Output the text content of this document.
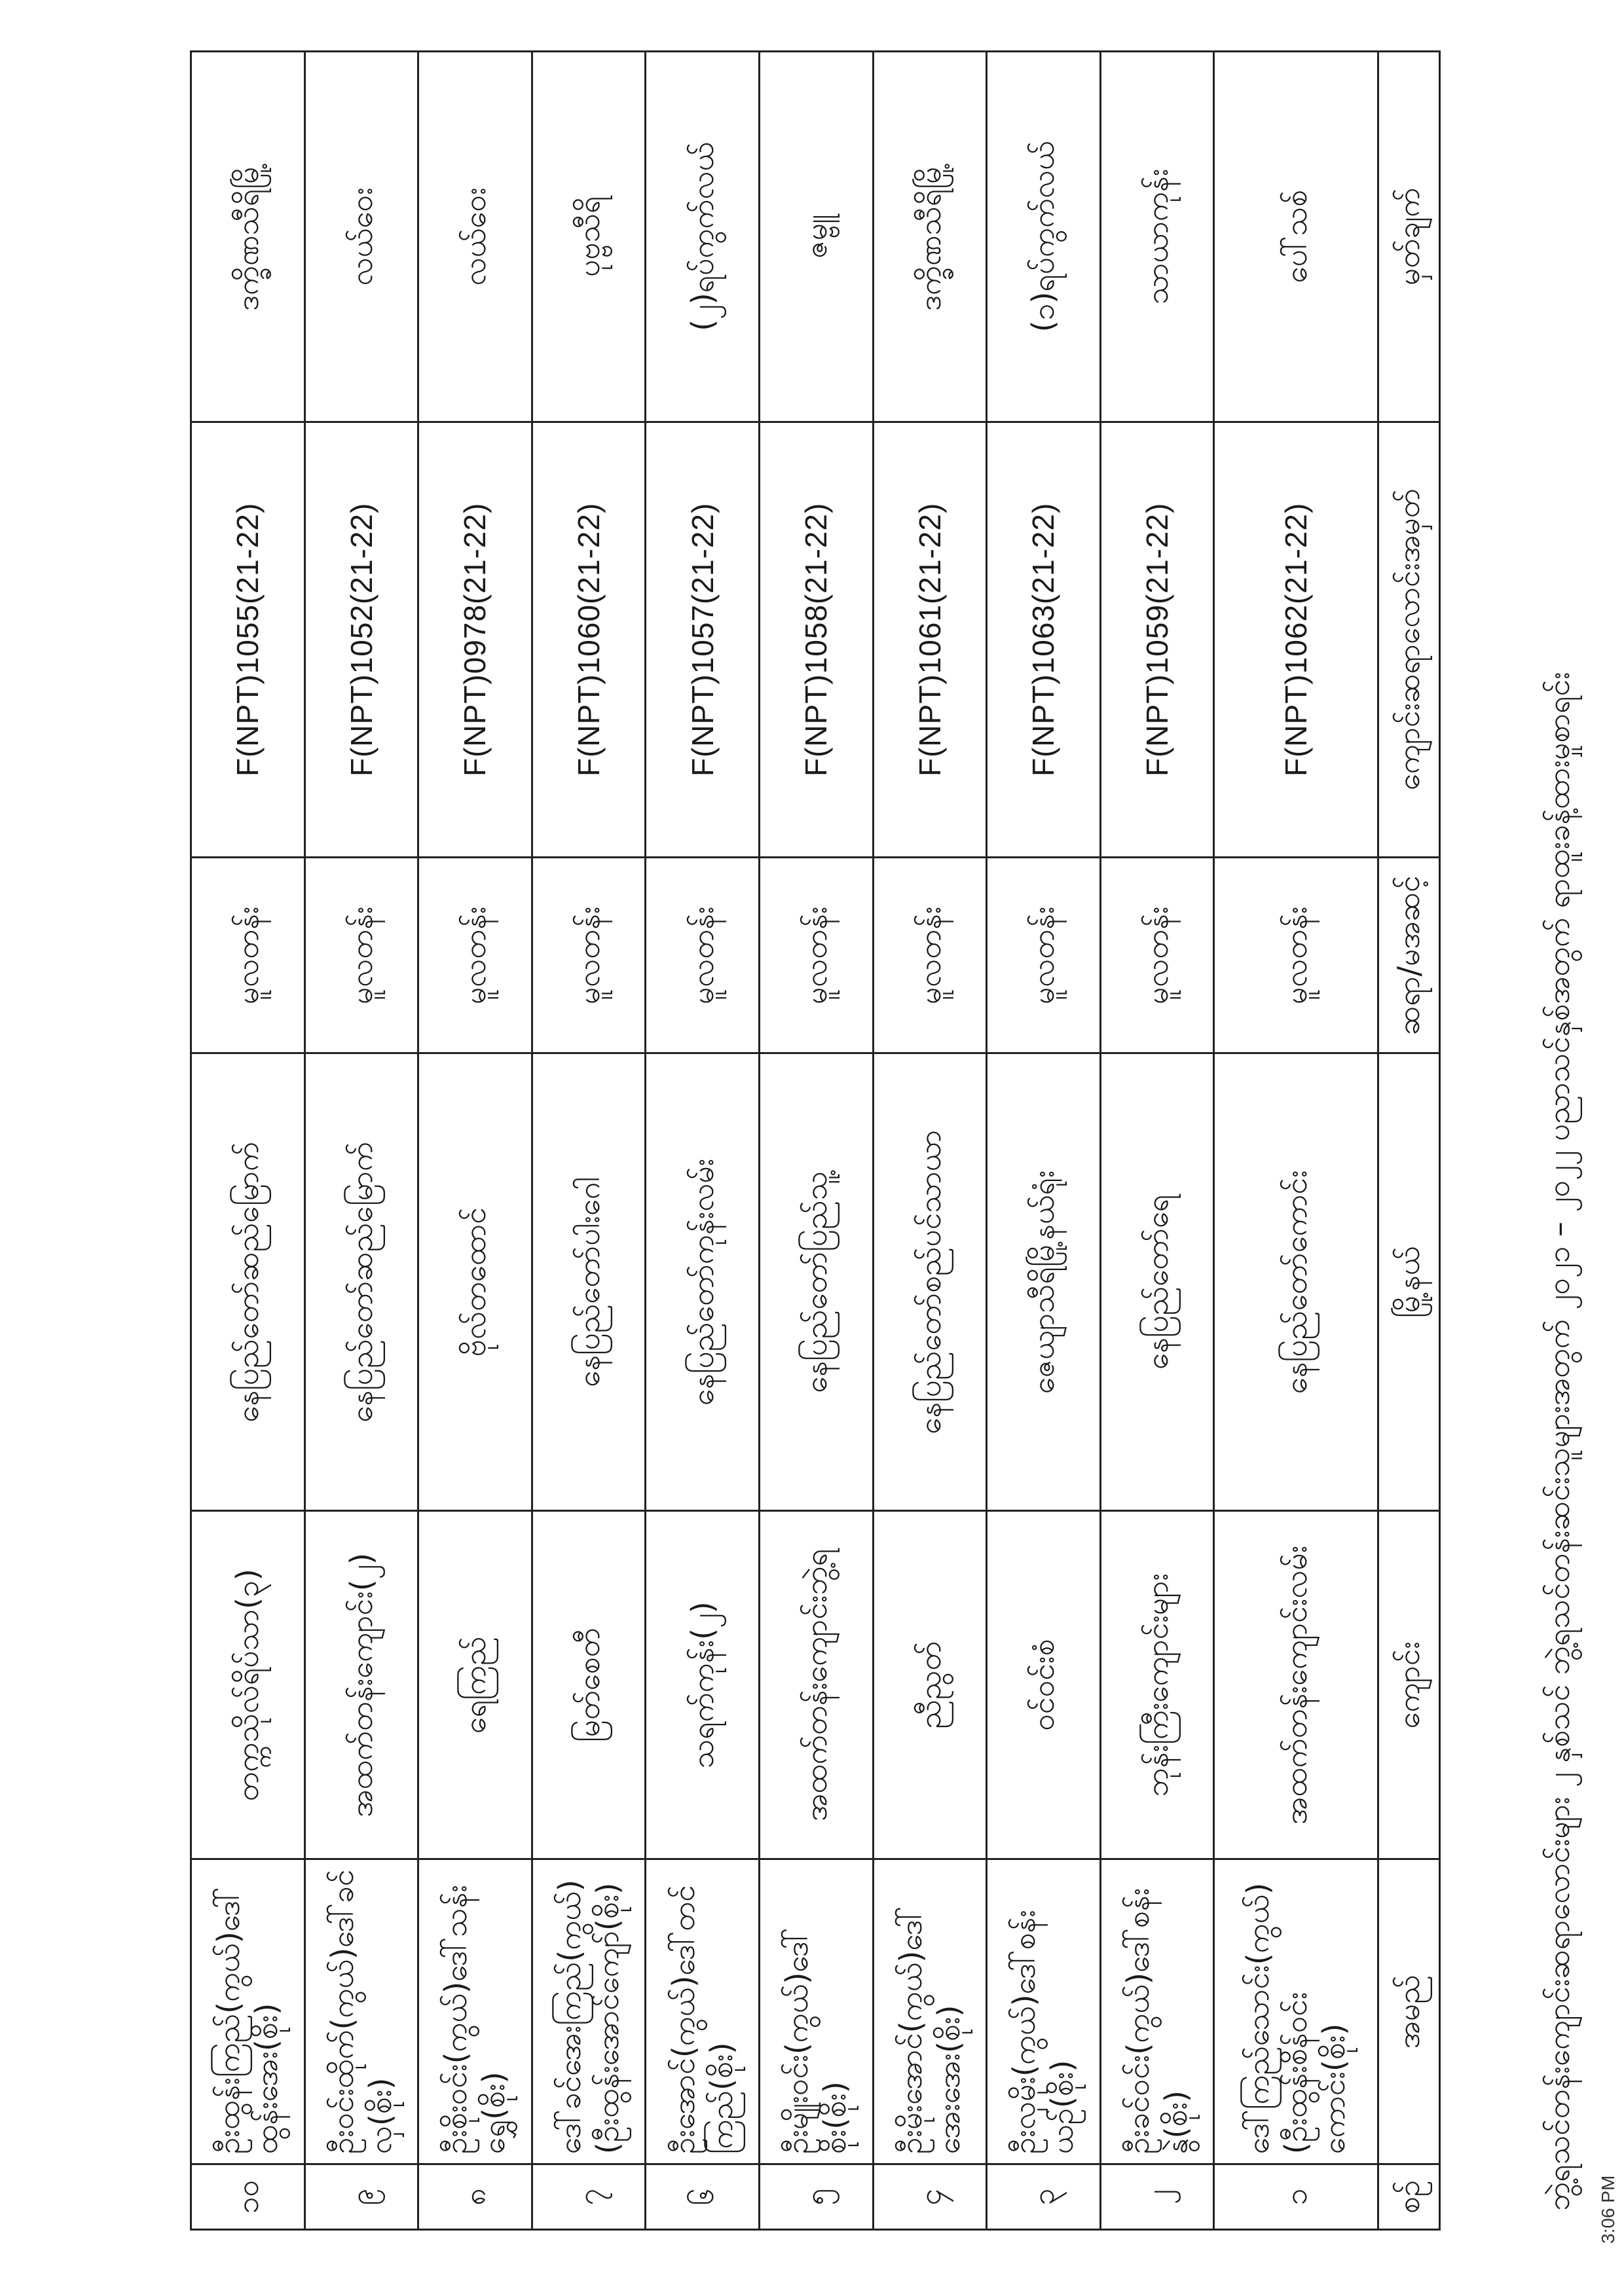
ဘွဲ့ရသင်တန်းကျောင်းဆရာလောင်းများ ၂ နှစ်သင် ဘွဲ့ရသင်တန်းဆင်းသူများအတွက် ၂၀၂၁ – ၂၀၂၂ ပညာသင်နှစ်အတွက် ရာထူးခန့်ထားမှုစာရင်း
၁၀	ဦးထွန်းကြည်(ကွယ်)ဒေါ်ထွန်းအေး(စိုး)	တက္ကသိုလ်ရိပ်သာ(၃)	နေပြည်တော်ဆည်မြောက်	မူလတန်း	F(NPT)1055(21-22)	ဒက္ခိဏသီရိမြို့
၉	ဦးဝင်းထိုက်(ကွယ်)ဒေါ်ခင်လှ(စိုး)	အထက်တန်းကျောင်း(၂)	နေပြည်တော်ဆည်မြောက်	မူလတန်း	F(NPT)1052(21-22)	လယ်ဝေး
၈	ဦးစိုးဝင်း(ကွယ်)ဒေါ်သန်းရွှေ(စိုး)	ရေကြည်	ဗိုလ်တထောင်	မူလတန်း	F(NPT)0978(21-22)	လယ်ဝေး
၇	ဒေါ်ခင်အေးကြည်(ကွယ်)(ဦးထွန်းအောင်ကျော်(စိုး)	မြတ်စေတီ	နေပြည်တော်ပါးဂေါ	မူလတန်း	F(NPT)1060(21-22)	ပုဗ္ဗသီရိ
၆	ဦးအောင်(ကွယ်)ဒေါ်တင်ကြည်(စိုး)	သရက်ကုန်း(၂)	နေပြည်တော်ကုန်းလမ်း	မူလတန်း	F(NPT)1057(21-22)	(၂)ရပ်ကွက်လယ်
၅	ဦးမျိုးဝင်း(ကွယ်)ဒေါ်စိုး(စိုး)	အထက်တန်းကျောင်းဘွဲ့ရ	နေပြည်တော်ပြည်သူ့	မူလတန်း	F(NPT)1058(21-22)	ဇမ္ဗူ
၄	ဦးမိုးအောင်(ကွယ်)ဒေါ်အေးအေး(စိုး)	ညီညွတ်	နေပြည်တော်စည်ပင်သာယာ	မူလတန်း	F(NPT)1061(21-22)	ဒက္ခိဏသီရိမြို့
၃	ဦးလှမိုး(ကွယ်)ဒေါ်စန်းယဉ်(စိုး)	ဝင်ဝင်းစံ	ဇေယျာသီရိမြို့နယ်ရုံး	မူလတန်း	F(NPT)1063(21-22)	(၁)ရပ်ကွက်လယ်
၂	ဦးခင်ဝင်း(ကွယ်)ဒေါ်စန်းနွဲ(စိုး)	ဘုန်းကြီးကျောင်းများ	နေပြည်တော်ရေ	မူလတန်း	F(NPT)1059(21-22)	သာယာကုန်း
၁	ဒေါ်ကြည်သောင်း(ကွယ်)(ဦးထွန်းစိန်ဝင်းကောင်း(စိုး)	အထက်တန်းကျောင်းလမ်း	နေပြည်တော်ကောင်း	မူလတန်း	F(NPT)1062(21-22)	ပေါ်သစ်
စဉ်	အမည်	ကျောင်း	မြို့နယ်	ဆရာ/မအဆင့်	ကျောင်းဆရာလောင်းအမှတ်	မှတ်ချက်
3:06 PM
